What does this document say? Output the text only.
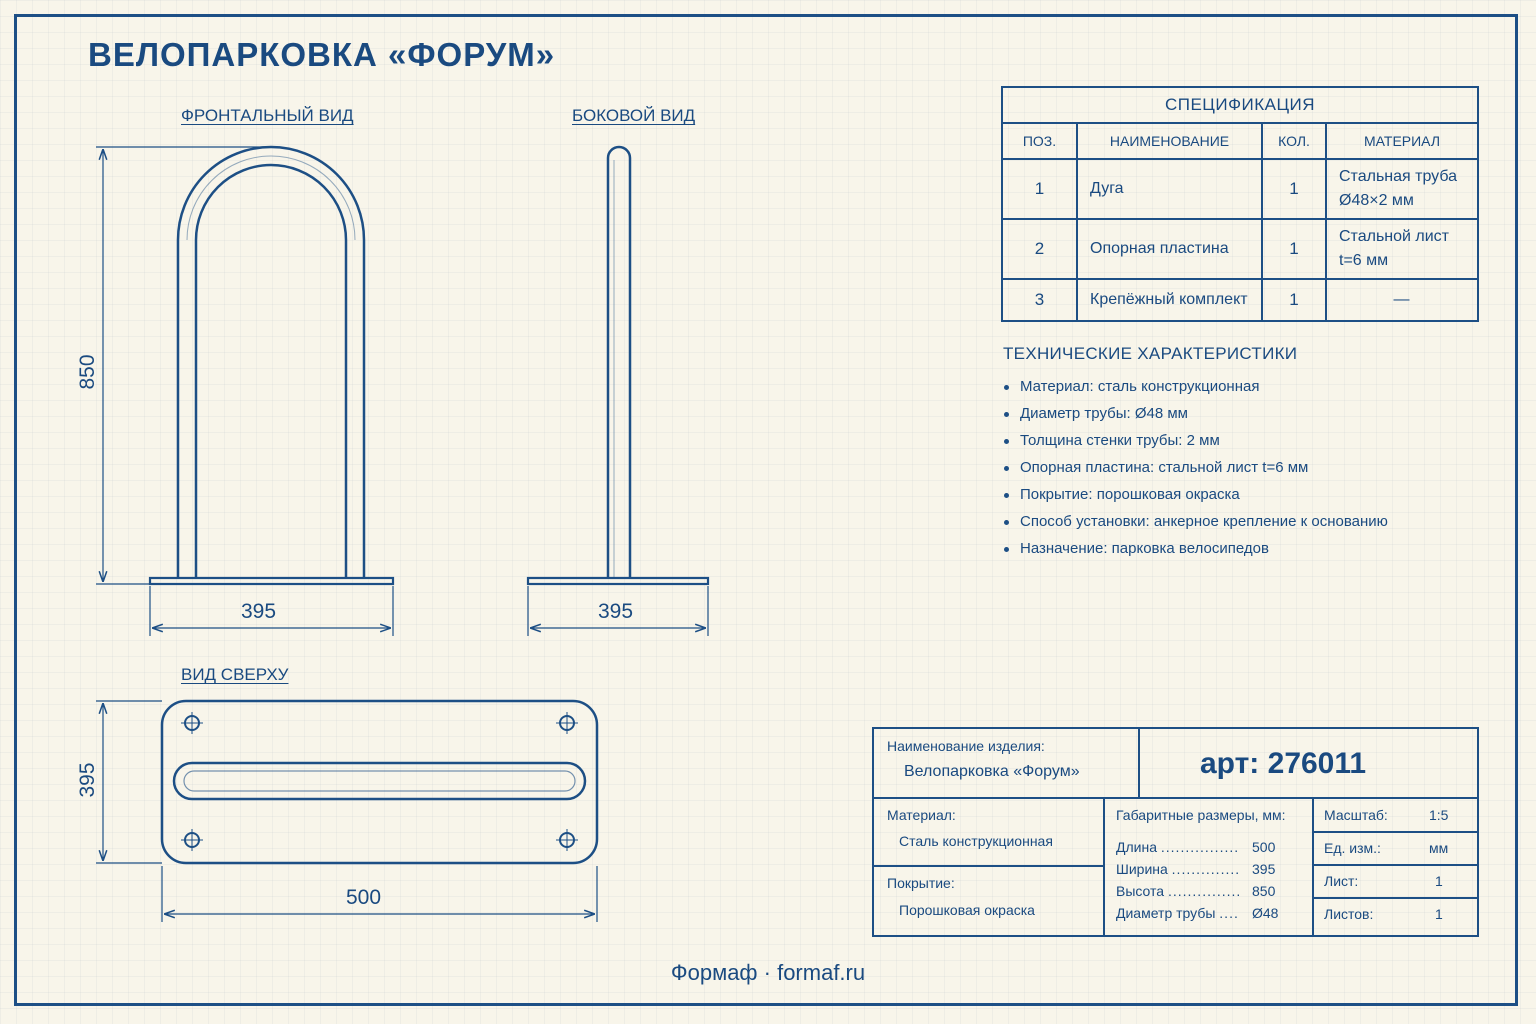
ВЕЛОПАРКОВКА «ФОРУМ»
ФРОНТАЛЬНЫЙ ВИД	БОКОВОЙ ВИД
ВИД СВЕРХУ
850
395	395
395
500
СПЕЦИФИКАЦИЯ			
ПОЗ.	НАИМЕНОВАНИЕ	КОЛ.	МАТЕРИАЛ
1	Дуга	1	Стальная труба
Ø48×2 мм
2	Опорная пластина	1	Стальной лист
t=6 мм
3	Крепёжный комплект	1	—
ТЕХНИЧЕСКИЕ ХАРАКТЕРИСТИКИ
Материал: сталь конструкционная
Диаметр трубы: Ø48 мм
Толщина стенки трубы: 2 мм
Опорная пластина: стальной лист t=6 мм
Покрытие: порошковая окраска
Способ установки: анкерное крепление к основанию
Назначение: парковка велосипедов
Наименование изделия:
Велопарковка «Форум»	арт: 276011
Материал:
Сталь конструкционная
Покрытие:
Порошковая окраска
Габаритные размеры, мм:
Длина ................ 500
Ширина .............. 395
Высота ............... 850
Диаметр трубы .... Ø48
Масштаб:	1:5
Ед. изм.:	мм
Лист:	1
Листов:	1
Формаф · formaf.ru
